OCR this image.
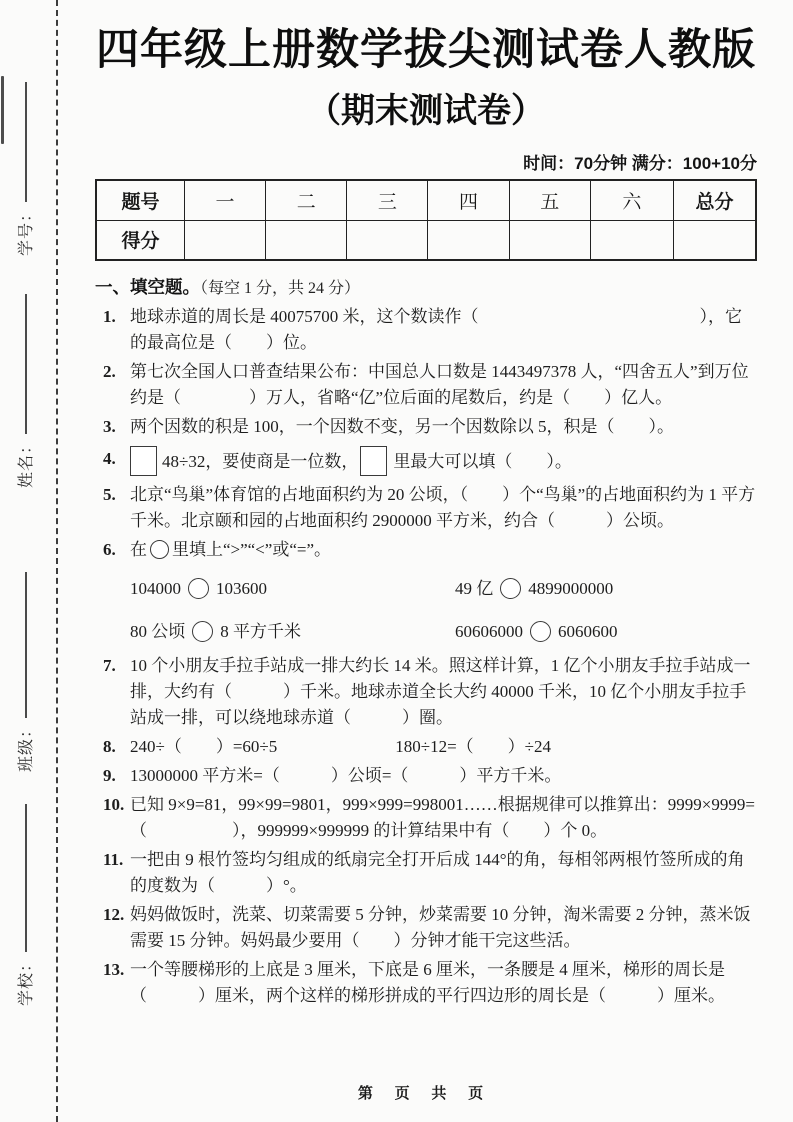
学号：
姓名：
班级：
学校：
四年级上册数学拔尖测试卷人教版
（期末测试卷）
时间：70分钟 满分：100+10分
题号	一	二	三	四	五	六	总分
得分							
一、填空题。（每空 1 分，共 24 分）
1. 地球赤道的周长是 40075700 米，这个数读作（　　　　　　　　　　　　　），它的最高位是（　　）位。
2. 第七次全国人口普查结果公布：中国总人口数是 1443497378 人，“四舍五人”到万位约是（　　　　）万人，省略“亿”位后面的尾数后，约是（　　）亿人。
3. 两个因数的积是 100，一个因数不变，另一个因数除以 5，积是（　　）。
4.	48÷32，要使商是一位数， 里最大可以填（　　）。
5. 北京“鸟巢”体育馆的占地面积约为 20 公顷，（　　）个“鸟巢”的占地面积约为 1 平方千米。北京颐和园的占地面积约 2900000 平方米，约合（　　　）公顷。
6. 在 里填上“>”“<”或“=”。
104000 103600	49 亿 4899000000
80 公顷 8 平方千米	60606000 6060600
7. 10 个小朋友手拉手站成一排大约长 14 米。照这样计算，1 亿个小朋友手拉手站成一排，大约有（　　　）千米。地球赤道全长大约 40000 千米，10 亿个小朋友手拉手站成一排，可以绕地球赤道（　　　）圈。
8. 240÷（　　）=60÷5	180÷12=（　　）÷24
9. 13000000 平方米=（　　　）公顷=（　　　）平方千米。
10. 已知 9×9=81，99×99=9801，999×999=998001……根据规律可以推算出：9999×9999=（　　　　　），999999×999999 的计算结果中有（　　）个 0。
11. 一把由 9 根竹签均匀组成的纸扇完全打开后成 144°的角，每相邻两根竹签所成的角的度数为（　　　）°。
12. 妈妈做饭时，洗菜、切菜需要 5 分钟，炒菜需要 10 分钟，淘米需要 2 分钟，蒸米饭需要 15 分钟。妈妈最少要用（　　）分钟才能干完这些活。
13. 一个等腰梯形的上底是 3 厘米，下底是 6 厘米，一条腰是 4 厘米，梯形的周长是（　　　）厘米，两个这样的梯形拼成的平行四边形的周长是（　　　）厘米。
第 页 共 页
